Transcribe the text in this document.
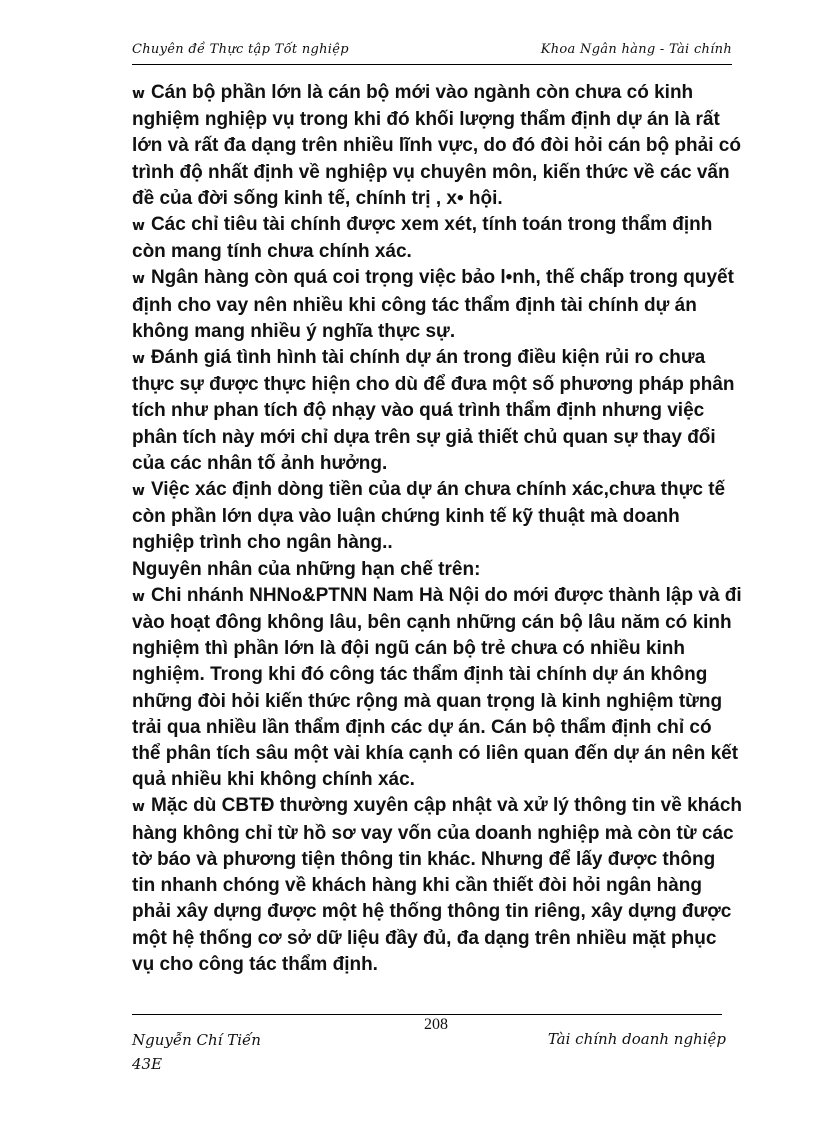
Chuyên đề Thực tập Tốt nghiệp	Khoa Ngân hàng - Tài chính

w Cán bộ phần lớn là cán bộ mới vào ngành còn chưa có kinh nghiệm nghiệp vụ trong khi đó khối lượng thẩm định dự án là rất lớn và rất đa dạng trên nhiều lĩnh vực, do đó đòi hỏi cán bộ phải có trình độ nhất định về nghiệp vụ chuyên môn, kiến thức về các vấn đề của đời sống kinh tế, chính trị , x• hội.

w Các chỉ tiêu tài chính được xem xét, tính toán trong thẩm định còn mang tính chưa chính xác.

w Ngân hàng còn quá coi trọng việc bảo l•nh, thế chấp trong quyết định cho vay nên nhiều khi công tác thẩm định tài chính dự án không mang nhiều ý nghĩa thực sự.

w Đánh giá tình hình tài chính dự án trong điều kiện rủi ro chưa thực sự được thực hiện cho dù để đưa một số phương pháp phân tích như phan tích độ nhạy vào quá trình thẩm định nhưng việc phân tích này mới chỉ dựa trên sự giả thiết chủ quan sự thay đổi của các nhân tố ảnh hưởng.

w Việc xác định dòng tiền của dự án chưa chính xác,chưa thực tế còn phần lớn dựa vào luận chứng kinh tế kỹ thuật mà doanh nghiệp trình cho ngân hàng..

Nguyên nhân của những hạn chế trên:

w Chi nhánh NHNo&PTNN Nam Hà Nội do mới được thành lập và đi vào hoạt đông không lâu, bên cạnh những cán bộ lâu năm có kinh nghiệm thì phần lớn là đội ngũ cán bộ trẻ chưa có nhiều kinh nghiệm. Trong khi đó công tác thẩm định tài chính dự án không những đòi hỏi kiến thức rộng mà quan trọng là kinh nghiệm từng trải qua nhiều lần thẩm định các dự án. Cán bộ thẩm định chỉ có thể phân tích sâu một vài khía cạnh có liên quan đến dự án nên kết quả nhiều khi không chính xác.

w Mặc dù CBTĐ thường xuyên cập nhật và xử lý thông tin về khách hàng không chỉ từ hồ sơ vay vốn của doanh nghiệp mà còn từ các tờ báo và phương tiện thông tin khác. Nhưng để lấy được thông tin nhanh chóng về khách hàng khi cần thiết đòi hỏi ngân hàng phải xây dựng được một hệ thống thông tin riêng, xây dựng được một hệ thống cơ sở dữ liệu đầy đủ, đa dạng trên nhiều mặt phục vụ cho công tác thẩm định.

Nguyễn Chí Tiến
43E
208
Tài chính doanh nghiệp
